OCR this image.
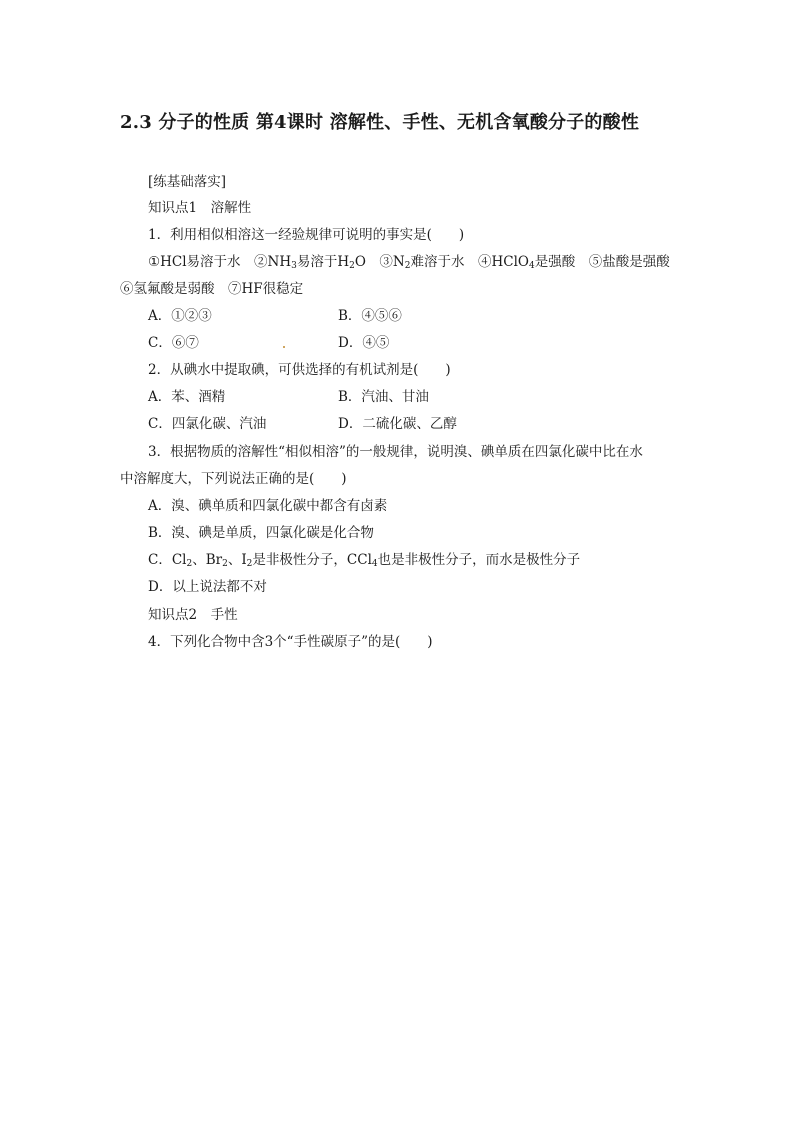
2.3 分子的性质 第4课时 溶解性、手性、无机含氧酸分子的酸性
[练基础落实]
知识点1　溶解性
1．利用相似相溶这一经验规律可说明的事实是(　　)
①HCl易溶于水　$②NH_3$易溶于$H_2O$　$③N_2$难溶于水　④HClO$_4$是强酸　⑤盐酸是强酸
⑥氢氟酸是弱酸　⑦HF很稳定
A．①②③	B．④⑤⑥
C．⑥⑦	D．④⑤
2．从碘水中提取碘，可供选择的有机试剂是(　　)
A．苯、酒精	B．汽油、甘油
C．四氯化碳、汽油	D．二硫化碳、乙醇
3．根据物质的溶解性“相似相溶”的一般规律，说明溴、碘单质在四氯化碳中比在水
中溶解度大，下列说法正确的是(　　)
A．溴、碘单质和四氯化碳中都含有卤素
B．溴、碘是单质，四氯化碳是化合物
C．$Cl_2$、$Br_2$、$I_2$是非极性分子，CCl$_4$也是非极性分子，而水是极性分子
D．以上说法都不对
知识点2　手性
4．下列化合物中含3个“手性碳原子”的是(　　)
